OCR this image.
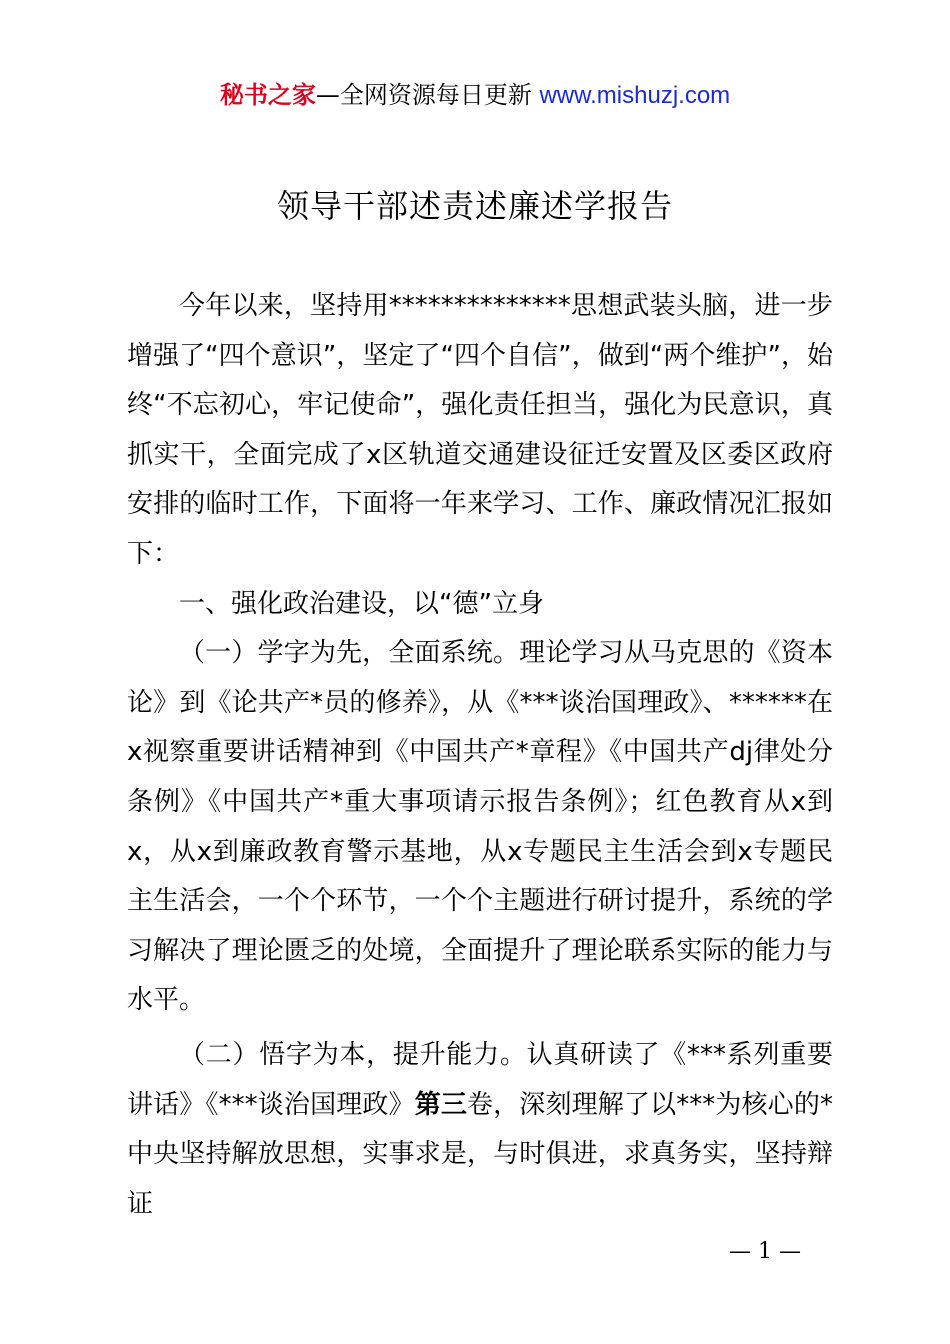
秘书之家—全网资源每日更新 www.mishuzj.com
领导干部述责述廉述学报告

今年以来，坚持用**************思想武装头脑，进一步增强了“四个意识”，坚定了“四个自信”，做到“两个维护”，始终“不忘初心，牢记使命”，强化责任担当，强化为民意识，真抓实干，全面完成了x区轨道交通建设征迁安置及区委区政府安排的临时工作，下面将一年来学习、工作、廉政情况汇报如下：

一、强化政治建设，以“德”立身

（一）学字为先，全面系统。理论学习从马克思的《资本论》到《论共产*员的修养》，从《***谈治国理政》、******在x视察重要讲话精神到《中国共产*章程》《中国共产dj律处分条例》《中国共产*重大事项请示报告条例》；红色教育从x到x，从x到廉政教育警示基地，从x专题民主生活会到x专题民主生活会，一个个环节，一个个主题进行研讨提升，系统的学习解决了理论匮乏的处境，全面提升了理论联系实际的能力与水平。

（二）悟字为本，提升能力。认真研读了《***系列重要讲话》《***谈治国理政》第三卷，深刻理解了以***为核心的*中央坚持解放思想，实事求是，与时俱进，求真务实，坚持辩证

— 1 —
